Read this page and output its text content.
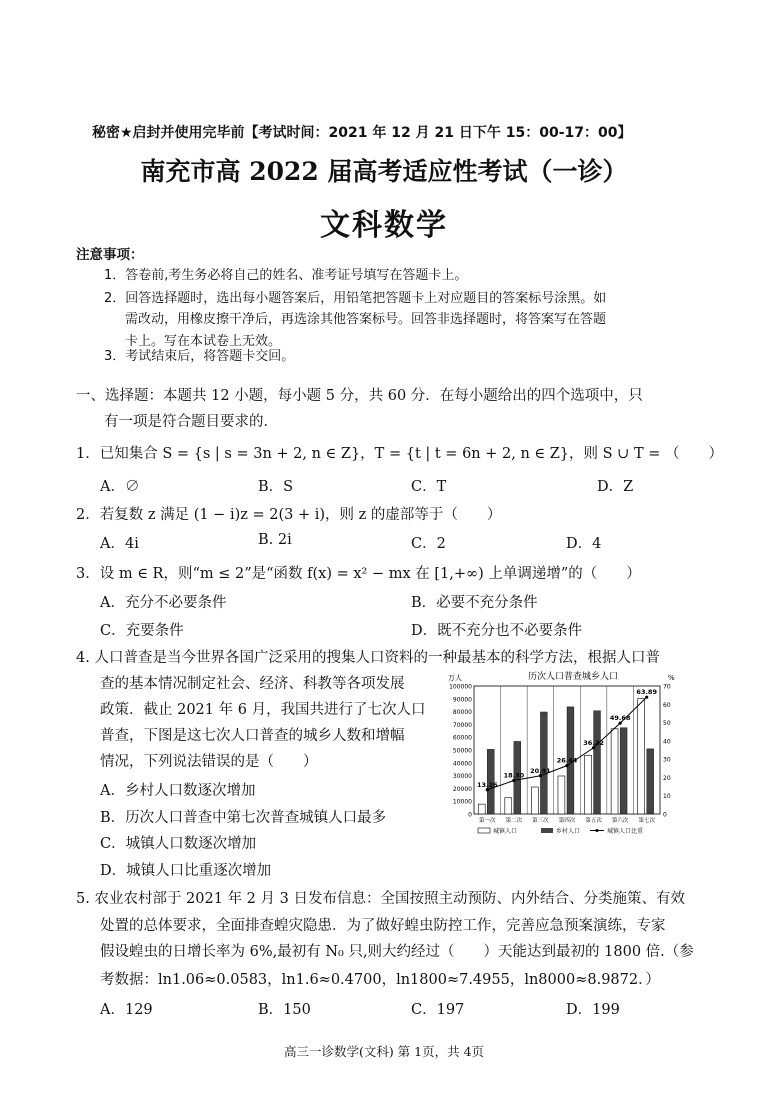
秘密★启封并使用完毕前【考试时间：2021 年 12 月 21 日下午 15：00-17：00】
南充市高 2022 届高考适应性考试（一诊）
文科数学
注意事项：
1．答卷前,考生务必将自己的姓名、准考证号填写在答题卡上。
2．回答选择题时，选出每小题答案后，用铅笔把答题卡上对应题目的答案标号涂黑。如
需改动，用橡皮擦干净后，再选涂其他答案标号。回答非选择题时，将答案写在答题
卡上。写在本试卷上无效。
3．考试结束后，将答题卡交回。
一、选择题：本题共 12 小题，每小题 5 分，共 60 分．在每小题给出的四个选项中，只
有一项是符合题目要求的．
1．已知集合 S = {s | s = 3n + 2, n ∈ Z}，T = {t | t = 6n + 2, n ∈ Z}，则 S ∪ T = （　　）
A．∅	B．S	C．T	D．Z
2．若复数 z 满足 (1 − i)z = 2(3 + i)，则 z 的虚部等于（　　）
A．4i	B. 2i	C．2	D．4
3．设 m ∈ R，则“m ≤ 2”是“函数 f(x) = x² − mx 在 [1,+∞) 上单调递增”的（　　）
A．充分不必要条件	B．必要不充分条件
C．充要条件	D．既不充分也不必要条件
4. 人口普查是当今世界各国广泛采用的搜集人口资料的一种最基本的科学方法，根据人口普
查的基本情况制定社会、经济、科教等各项发展
政策．截止 2021 年 6 月，我国共进行了七次人口
普查，下图是这七次人口普查的城乡人数和增幅
情况，下列说法错误的是（　　）
A．乡村人口数逐次增加
B．历次人口普查中第七次普查城镇人口最多
C．城镇人口数逐次增加
D．城镇人口比重逐次增加
历次人口普查城乡人口
万人	%
13.26
18.30
20.91
26.44
36.22
49.68
63.89
0
10000
20000
30000
40000
50000
60000
70000
80000
90000
100000
0
10
20
30
40
50
60
70
第一次 第二次 第三次 第四次 第五次 第六次 第七次
城镇人口	乡村人口	城镇人口比重
5. 农业农村部于 2021 年 2 月 3 日发布信息：全国按照主动预防、内外结合、分类施策、有效
处置的总体要求，全面排查蝗灾隐患．为了做好蝗虫防控工作，完善应急预案演练，专家
假设蝗虫的日增长率为 6%,最初有 N₀ 只,则大约经过（　　）天能达到最初的 1800 倍.（参
考数据：ln1.06≈0.0583，ln1.6≈0.4700，ln1800≈7.4955，ln8000≈8.9872．）
A．129	B．150	C．197	D．199
高三一诊数学(文科) 第 1页，共 4页
